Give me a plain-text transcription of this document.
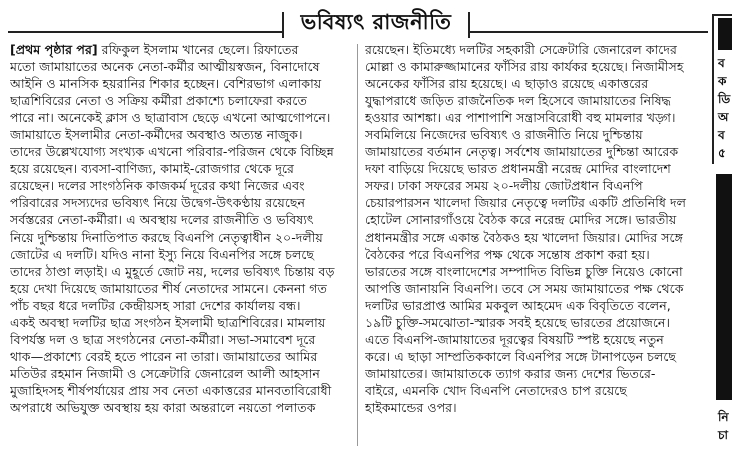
ভবিষ্যৎ রাজনীতি
[প্রথম পৃষ্ঠার পর] রফিকুল ইসলাম খানের ছেলে। রিফাতের
মতো জামায়াতের অনেক নেতা-কর্মীর আত্মীয়স্বজন, বিনাদোষে
আইনি ও মানসিক হয়রানির শিকার হচ্ছেন। বেশিরভাগ এলাকায়
ছাত্রশিবিরের নেতা ও সক্রিয় কর্মীরা প্রকাশ্যে চলাফেরা করতে
পারে না। অনেকেই ক্লাস ও ছাত্রাবাস ছেড়ে এখনো আত্মগোপনে।
জামায়াতে ইসলামীর নেতা-কর্মীদের অবস্থাও অত্যন্ত নাজুক।
তাদের উল্লেখযোগ্য সংখ্যক এখনো পরিবার-পরিজন থেকে বিচ্ছিন্ন
হয়ে রয়েছেন। ব্যবসা-বাণিজ্য, কামাই-রোজগার থেকে দূরে
রয়েছেন। দলের সাংগঠনিক কাজকর্ম দূরের কথা নিজের এবং
পরিবারের সদস্যদের ভবিষ্যৎ নিয়ে উদ্বেগ-উৎকণ্ঠায় রয়েছেন
সর্বস্তরের নেতা-কর্মীরা। এ অবস্থায় দলের রাজনীতি ও ভবিষ্যৎ
নিয়ে দুশ্চিন্তায় দিনাতিপাত করছে বিএনপি নেতৃত্বাধীন ২০-দলীয়
জোটের এ দলটি। যদিও নানা ইস্যু নিয়ে বিএনপির সঙ্গে চলছে
তাদের ঠাণ্ডা লড়াই। এ মুহূর্তে জোট নয়, দলের ভবিষ্যৎ চিন্তায় বড়
হয়ে দেখা দিয়েছে জামায়াতের শীর্ষ নেতাদের সামনে। কেননা গত
পাঁচ বছর ধরে দলটির কেন্দ্রীয়সহ সারা দেশের কার্যালয় বন্ধ।
একই অবস্থা দলটির ছাত্র সংগঠন ইসলামী ছাত্রশিবিরের। মামলায়
বিপর্যস্ত দল ও ছাত্র সংগঠনের নেতা-কর্মীরা। সভা-সমাবেশ দূরে
থাক—প্রকাশ্যে বেরই হতে পারেন না তারা। জামায়াতের আমির
মতিউর রহমান নিজামী ও সেক্রেটারি জেনারেল আলী আহসান
মুজাহিদসহ শীর্ষপর্যায়ের প্রায় সব নেতা একাত্তরের মানবতাবিরোধী
অপরাধে অভিযুক্ত অবস্থায় হয় কারা অন্তরালে নয়তো পলাতক
রয়েছেন। ইতিমধ্যে দলটির সহকারী সেক্রেটারি জেনারেল কাদের
মোল্লা ও কামারুজ্জামানের ফাঁসির রায় কার্যকর হয়েছে। নিজামীসহ
অনেকের ফাঁসির রায় হয়েছে। এ ছাড়াও রয়েছে একাত্তরের
যুদ্ধাপরাধে জড়িত রাজনৈতিক দল হিসেবে জামায়াতের নিষিদ্ধ
হওয়ার আশঙ্কা। এর পাশাপাশি সন্ত্রাসবিরোধী বহু মামলার খড়্গ।
সবমিলিয়ে নিজেদের ভবিষ্যৎ ও রাজনীতি নিয়ে দুশ্চিন্তায়
জামায়াতের বর্তমান নেতৃত্ব। সর্বশেষ জামায়াতের দুশ্চিন্তা আরেক
দফা বাড়িয়ে দিয়েছে ভারত প্রধানমন্ত্রী নরেন্দ্র মোদির বাংলাদেশ
সফর। ঢাকা সফরের সময় ২০-দলীয় জোটপ্রধান বিএনপি
চেয়ারপারসন খালেদা জিয়ার নেতৃত্বে দলটির একটি প্রতিনিধি দল
হোটেল সোনারগাঁওয়ে বৈঠক করে নরেন্দ্র মোদির সঙ্গে। ভারতীয়
প্রধানমন্ত্রীর সঙ্গে একান্ত বৈঠকও হয় খালেদা জিয়ার। মোদির সঙ্গে
বৈঠকের পরে বিএনপির পক্ষ থেকে সন্তোষ প্রকাশ করা হয়।
ভারতের সঙ্গে বাংলাদেশের সম্পাদিত বিভিন্ন চুক্তি নিয়েও কোনো
আপত্তি জানায়নি বিএনপি। তবে সে সময় জামায়াতের পক্ষ থেকে
দলটির ভারপ্রাপ্ত আমির মকবুল আহমেদ এক বিবৃতিতে বলেন,
১৯টি চুক্তি-সমঝোতা-স্মারক সবই হয়েছে ভারতের প্রয়োজনে।
এতে বিএনপি-জামায়াতের দূরত্বের বিষয়টি স্পষ্ট হয়েছে নতুন
করে। এ ছাড়া সাম্প্রতিককালে বিএনপির সঙ্গে টানাপড়েন চলছে
জামায়াতের। জামায়াতকে ত্যাগ করার জন্য দেশের ভিতরে-
বাইরে, এমনকি খোদ বিএনপি নেতাদেরও চাপ রয়েছে
হাইকমান্ডের ওপর।
ব
ক
ডি
অ
ব
৫
নি
চা
